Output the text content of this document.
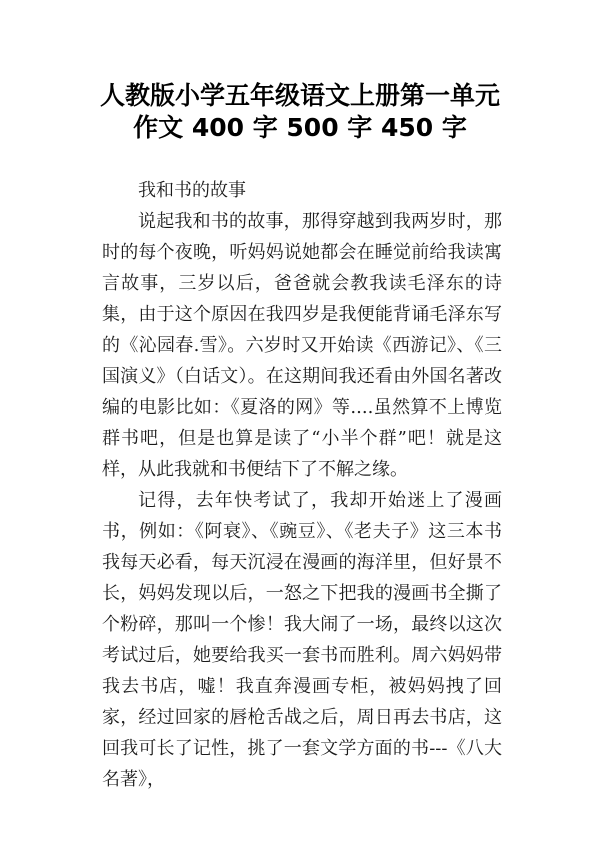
人教版小学五年级语文上册第一单元
作文 400 字 500 字 450 字

我和书的故事

说起我和书的故事，那得穿越到我两岁时，那时的每个夜晚，听妈妈说她都会在睡觉前给我读寓言故事，三岁以后，爸爸就会教我读毛泽东的诗集，由于这个原因在我四岁是我便能背诵毛泽东写的《沁园春.雪》。六岁时又开始读《西游记》、《三国演义》（白话文）。在这期间我还看由外国名著改编的电影比如：《夏洛的网》等....虽然算不上博览群书吧，但是也算是读了“小半个群”吧！就是这样，从此我就和书便结下了不解之缘。

记得，去年快考试了，我却开始迷上了漫画书，例如：《阿衰》、《豌豆》、《老夫子》这三本书我每天必看，每天沉浸在漫画的海洋里，但好景不长，妈妈发现以后，一怒之下把我的漫画书全撕了个粉碎，那叫一个惨！我大闹了一场，最终以这次考试过后，她要给我买一套书而胜利。周六妈妈带我去书店，嘘！我直奔漫画专柜，被妈妈拽了回家，经过回家的唇枪舌战之后，周日再去书店，这回我可长了记性，挑了一套文学方面的书---《八大名著》，
